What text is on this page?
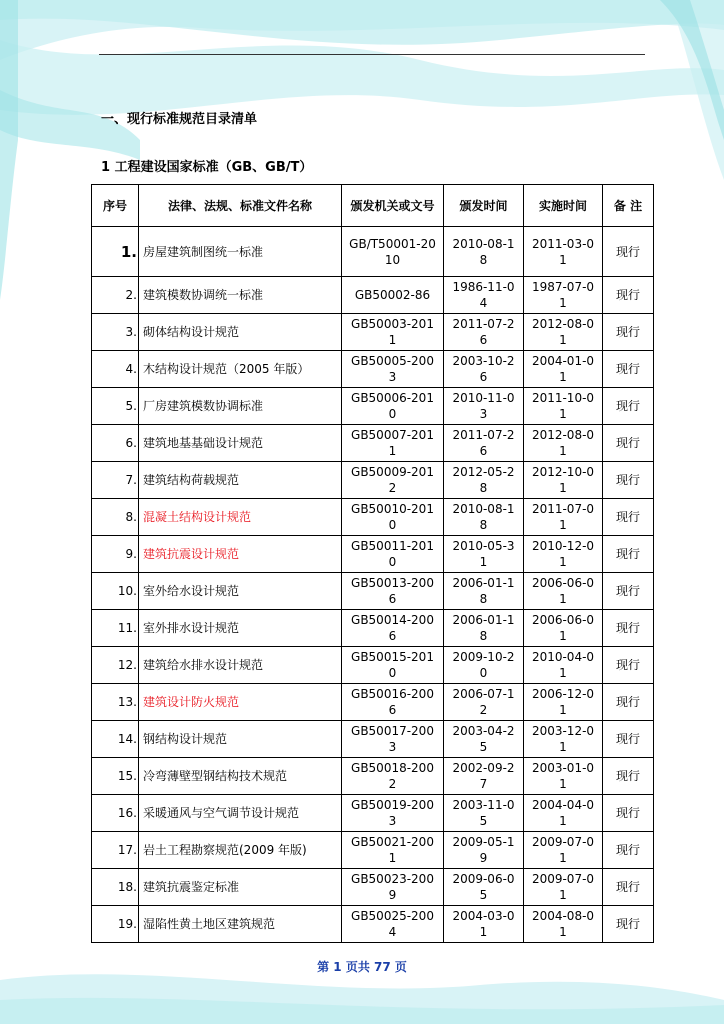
一、现行标准规范目录清单
1 工程建设国家标准（GB、GB/T）
序号	法律、法规、标准文件名称	颁发机关或文号	颁发时间	实施时间	备 注
1.	房屋建筑制图统一标准	GB/T50001-2010	2010-08-18	2011-03-01	现行
2.	建筑模数协调统一标准	GB50002-86	1986-11-04	1987-07-01	现行
3.	砌体结构设计规范	GB50003-2011	2011-07-26	2012-08-01	现行
4.	木结构设计规范（2005 年版）	GB50005-2003	2003-10-26	2004-01-01	现行
5.	厂房建筑模数协调标准	GB50006-2010	2010-11-03	2011-10-01	现行
6.	建筑地基基础设计规范	GB50007-2011	2011-07-26	2012-08-01	现行
7.	建筑结构荷载规范	GB50009-2012	2012-05-28	2012-10-01	现行
8.	混凝土结构设计规范	GB50010-2010	2010-08-18	2011-07-01	现行
9.	建筑抗震设计规范	GB50011-2010	2010-05-31	2010-12-01	现行
10.	室外给水设计规范	GB50013-2006	2006-01-18	2006-06-01	现行
11.	室外排水设计规范	GB50014-2006	2006-01-18	2006-06-01	现行
12.	建筑给水排水设计规范	GB50015-2010	2009-10-20	2010-04-01	现行
13.	建筑设计防火规范	GB50016-2006	2006-07-12	2006-12-01	现行
14.	钢结构设计规范	GB50017-2003	2003-04-25	2003-12-01	现行
15.	冷弯薄壁型钢结构技术规范	GB50018-2002	2002-09-27	2003-01-01	现行
16.	采暖通风与空气调节设计规范	GB50019-2003	2003-11-05	2004-04-01	现行
17.	岩土工程勘察规范(2009 年版)	GB50021-2001	2009-05-19	2009-07-01	现行
18.	建筑抗震鉴定标准	GB50023-2009	2009-06-05	2009-07-01	现行
19.	湿陷性黄土地区建筑规范	GB50025-2004	2004-03-01	2004-08-01	现行
第 1 页共 77 页
